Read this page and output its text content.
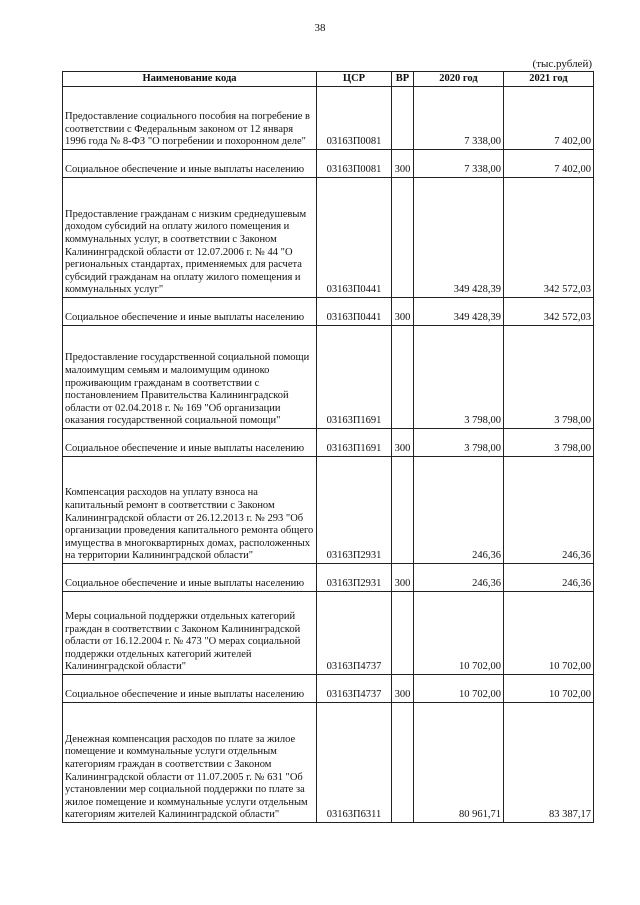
38
(тыс.рублей)
Наименование кода	ЦСР	ВР	2020 год	2021 год
Предоставление социального пособия на погребение в соответствии с Федеральным законом от 12 января 1996 года № 8-ФЗ "О погребении и похоронном деле"	03163П0081		7 338,00	7 402,00
Социальное обеспечение и иные выплаты населению	03163П0081	300	7 338,00	7 402,00
Предоставление гражданам с низким среднедушевым доходом субсидий на оплату жилого помещения и коммунальных услуг, в соответствии с Законом Калининградской области от 12.07.2006 г. № 44 "О региональных стандартах, применяемых для расчета субсидий гражданам на оплату жилого помещения и коммунальных услуг"	03163П0441		349 428,39	342 572,03
Социальное обеспечение и иные выплаты населению	03163П0441	300	349 428,39	342 572,03
Предоставление государственной социальной помощи малоимущим семьям и малоимущим одиноко проживающим гражданам в соответствии с постановлением Правительства Калининградской области от 02.04.2018 г. № 169 "Об организации оказания государственной социальной помощи"	03163П1691		3 798,00	3 798,00
Социальное обеспечение и иные выплаты населению	03163П1691	300	3 798,00	3 798,00
Компенсация расходов на уплату взноса на капитальный ремонт в соответствии с Законом Калининградской области от 26.12.2013 г. № 293 "Об организации проведения капитального ремонта общего имущества в многоквартирных домах, расположенных на территории Калининградской области"	03163П2931		246,36	246,36
Социальное обеспечение и иные выплаты населению	03163П2931	300	246,36	246,36
Меры социальной поддержки отдельных категорий граждан в соответствии с Законом Калининградской области от 16.12.2004 г. № 473 "О мерах социальной поддержки отдельных категорий жителей Калининградской области"	03163П4737		10 702,00	10 702,00
Социальное обеспечение и иные выплаты населению	03163П4737	300	10 702,00	10 702,00
Денежная компенсация расходов по плате за жилое помещение и коммунальные услуги отдельным категориям граждан в соответствии с Законом Калининградской области от 11.07.2005 г. № 631 "Об установлении мер социальной поддержки по плате за жилое помещение и коммунальные услуги отдельным категориям жителей Калининградской области"	03163П6311		80 961,71	83 387,17
